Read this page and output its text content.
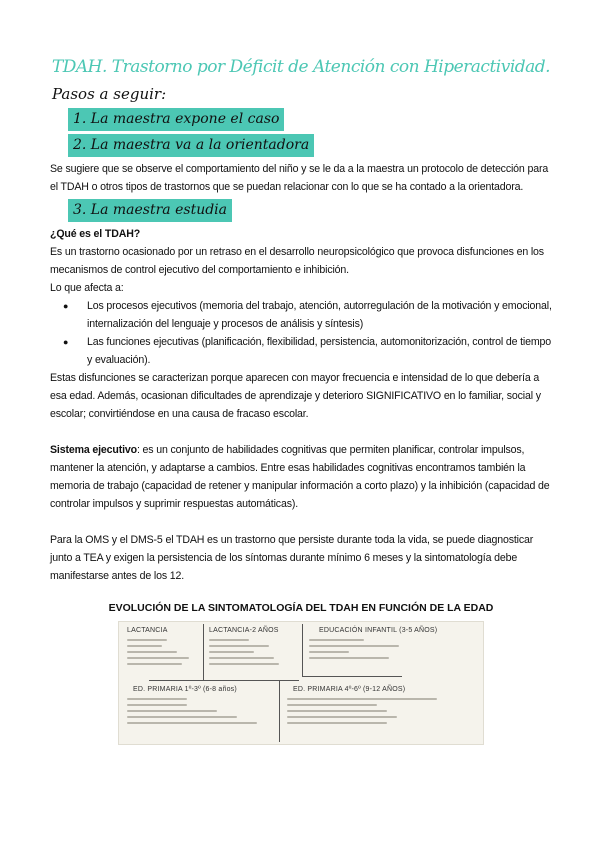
TDAH. Trastorno por Déficit de Atención con Hiperactividad.
Pasos a seguir:
1. La maestra expone el caso
2. La maestra va a la orientadora
Se sugiere que se observe el comportamiento del niño y se le da a la maestra un protocolo de detección para el TDAH o otros tipos de trastornos que se puedan relacionar con lo que se ha contado a la orientadora.
3. La maestra estudia
¿Qué es el TDAH?
Es un trastorno ocasionado por un retraso en el desarrollo neuropsicológico que provoca disfunciones en los mecanismos de control ejecutivo del comportamiento e inhibición.
Lo que afecta a:
● Los procesos ejecutivos (memoria del trabajo, atención, autorregulación de la motivación y emocional, internalización del lenguaje y procesos de análisis y síntesis)
● Las funciones ejecutivas (planificación, flexibilidad, persistencia, automonitorización, control de tiempo y evaluación).
Estas disfunciones se caracterizan porque aparecen con mayor frecuencia e intensidad de lo que debería a esa edad. Además, ocasionan dificultades de aprendizaje y deterioro SIGNIFICATIVO en lo familiar, social y escolar; convirtiéndose en una causa de fracaso escolar.
Sistema ejecutivo: es un conjunto de habilidades cognitivas que permiten planificar, controlar impulsos, mantener la atención, y adaptarse a cambios. Entre esas habilidades cognitivas encontramos también la memoria de trabajo (capacidad de retener y manipular información a corto plazo) y la inhibición (capacidad de controlar impulsos y suprimir respuestas automáticas).
Para la OMS y el DMS-5 el TDAH es un trastorno que persiste durante toda la vida, se puede diagnosticar junto a TEA y exigen la persistencia de los síntomas durante mínimo 6 meses y la sintomatología debe manifestarse antes de los 12.
EVOLUCIÓN DE LA SINTOMATOLOGÍA DEL TDAH EN FUNCIÓN DE LA EDAD
LACTANCIA	LACTANCIA-2 AÑOS	EDUCACIÓN INFANTIL (3-5 AÑOS)
ED. PRIMARIA 1º-3º (6-8 años)	ED. PRIMARIA 4º-6º (9-12 AÑOS)
